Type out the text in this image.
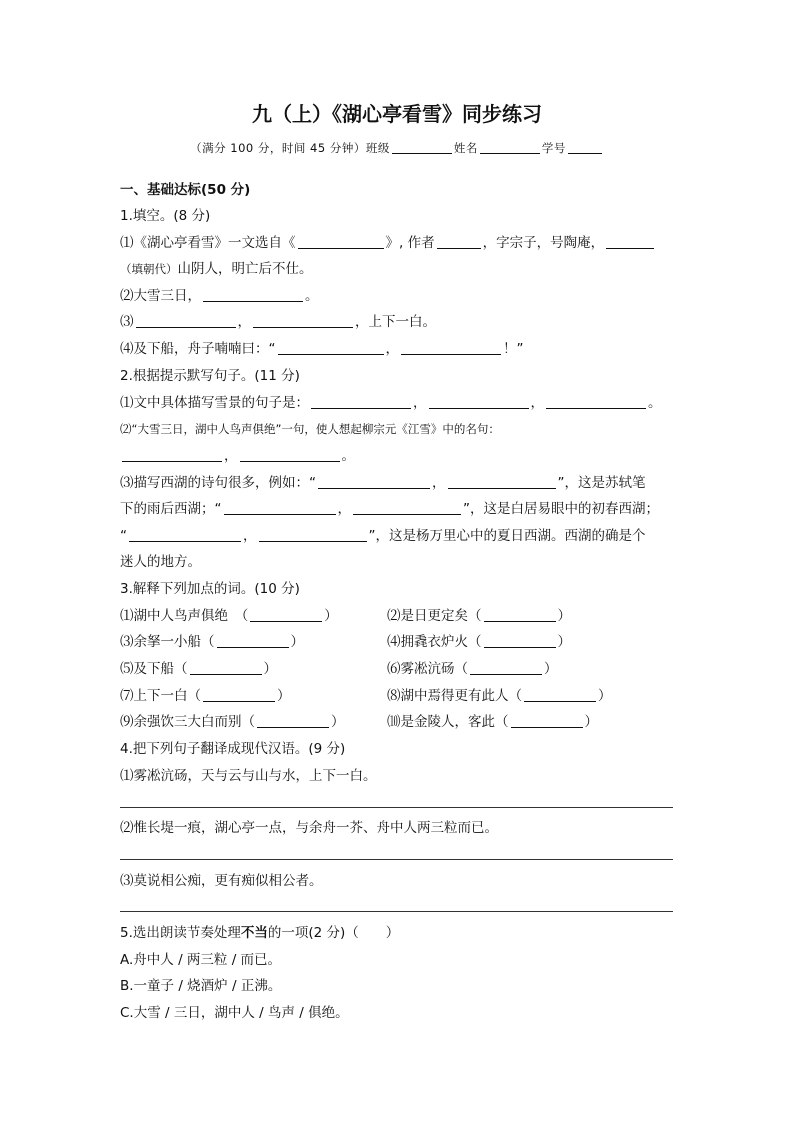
九（上）《湖心亭看雪》同步练习
（满分 100 分，时间 45 分钟）班级	姓名	学号
一、基础达标(50 分)
1.填空。(8 分)
⑴《湖心亭看雪》一文选自《	》, 作者	，字宗子，号陶庵，
（填朝代）山阴人，明亡后不仕。
⑵大雪三日，	。
⑶	，	，上下一白。
⑷及下船，舟子喃喃曰：“	，	！”
2.根据提示默写句子。(11 分)
⑴文中具体描写雪景的句子是：	，	，	。
⑵“大雪三日，湖中人鸟声俱绝”一句，使人想起柳宗元《江雪》中的名句：
，	。
⑶描写西湖的诗句很多，例如：“	，	”，这是苏轼笔
下的雨后西湖；“	，	”，这是白居易眼中的初春西湖；
“	，	”，这是杨万里心中的夏日西湖。西湖的确是个
迷人的地方。
3.解释下列加点的词。(10 分)
⑴湖中人鸟声俱绝　（	）	⑵是日更定矣（	）
⑶余拏一小船（	）	⑷拥毳衣炉火（	）
⑸及下船（	）	⑹雾凇沆砀（	）
⑺上下一白（	）	⑻湖中焉得更有此人（	）
⑼余强饮三大白而别（	）	⑽是金陵人，客此（	）
4.把下列句子翻译成现代汉语。(9 分)
⑴雾凇沆砀，天与云与山与水，上下一白。
⑵惟长堤一痕，湖心亭一点，与余舟一芥、舟中人两三粒而已。
⑶莫说相公痴，更有痴似相公者。
5.选出朗读节奏处理不当的一项(2 分)（　　）
A.舟中人 / 两三粒 / 而已。
B.一童子 / 烧酒炉 / 正沸。
C.大雪 / 三日，湖中人 / 鸟声 / 俱绝。
